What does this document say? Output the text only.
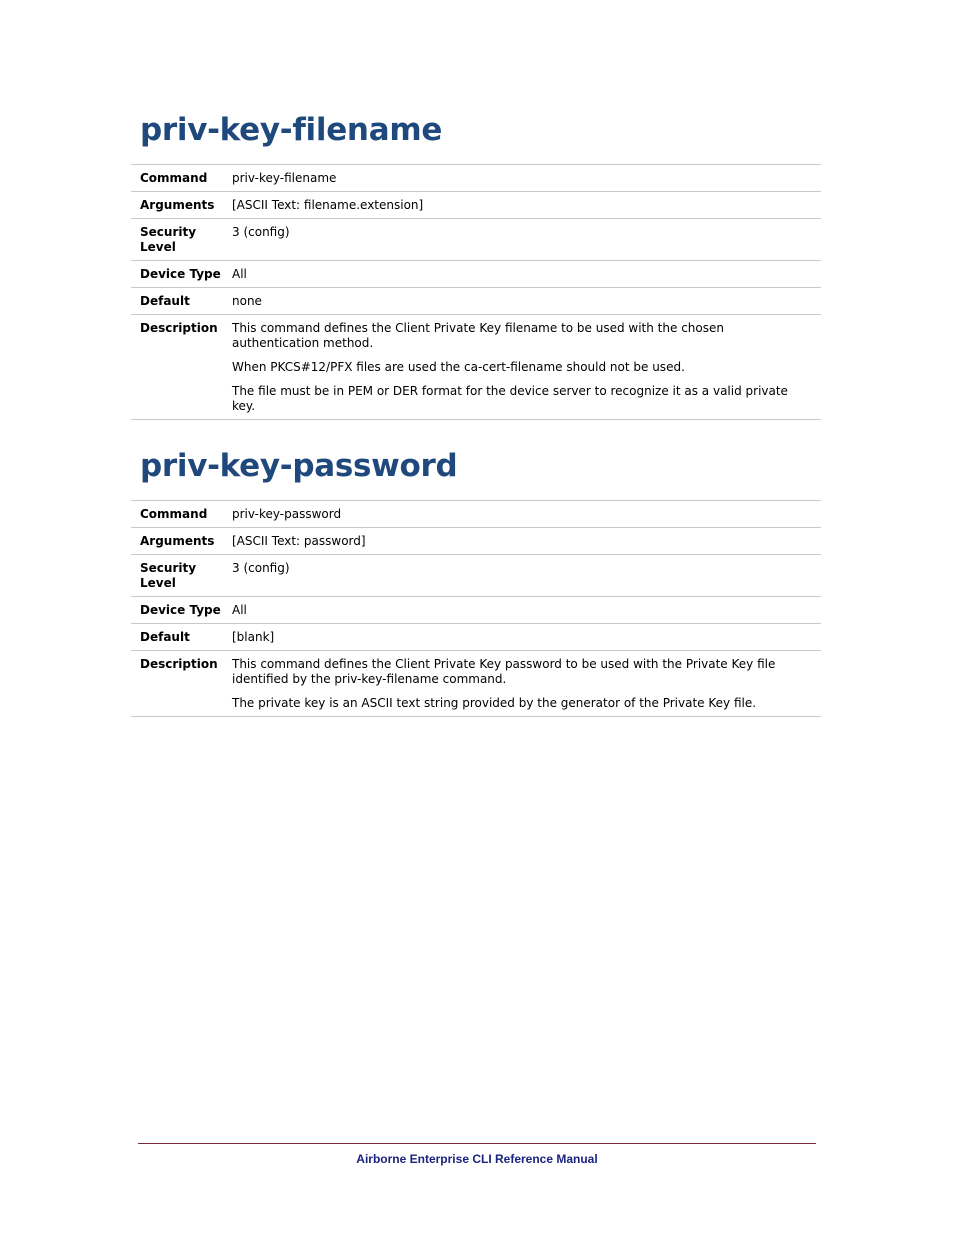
priv-key-filename
Command	priv-key-filename
Arguments	[ASCII Text: filename.extension]
Security Level	3 (config)
Device Type	All
Default	none
Description	This command defines the Client Private Key filename to be used with the chosen authentication method.

When PKCS#12/PFX files are used the ca-cert-filename should not be used.

The file must be in PEM or DER format for the device server to recognize it as a valid private key.

priv-key-password
Command	priv-key-password
Arguments	[ASCII Text: password]
Security Level	3 (config)
Device Type	All
Default	[blank]
Description	This command defines the Client Private Key password to be used with the Private Key file identified by the priv-key-filename command.

The private key is an ASCII text string provided by the generator of the Private Key file.

Airborne Enterprise CLI Reference Manual
